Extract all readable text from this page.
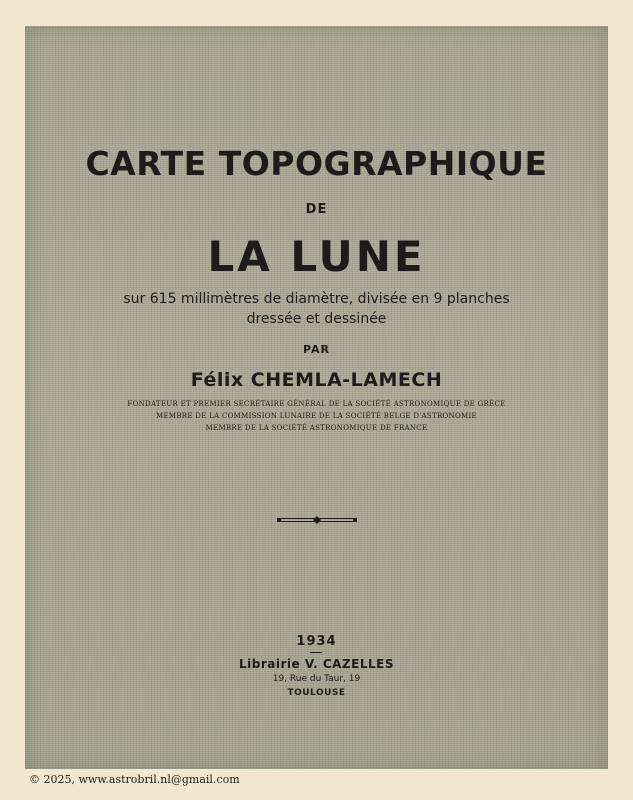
CARTE TOPOGRAPHIQUE
DE
LA LUNE
sur 615 millimètres de diamètre, divisée en 9 planches
dressée et dessinée
PAR
Félix CHEMLA-LAMECH
FONDATEUR ET PREMIER SECRÉTAIRE GÉNÉRAL DE LA SOCIÉTÉ ASTRONOMIQUE DE GRÈCE
MEMBRE DE LA COMMISSION LUNAIRE DE LA SOCIÉTÉ BELGE D'ASTRONOMIE
MEMBRE DE LA SOCIÉTÉ ASTRONOMIQUE DE FRANCE
1934
Librairie V. CAZELLES
19, Rue du Taur, 19
TOULOUSE
© 2025, www.astrobril.nl@gmail.com
